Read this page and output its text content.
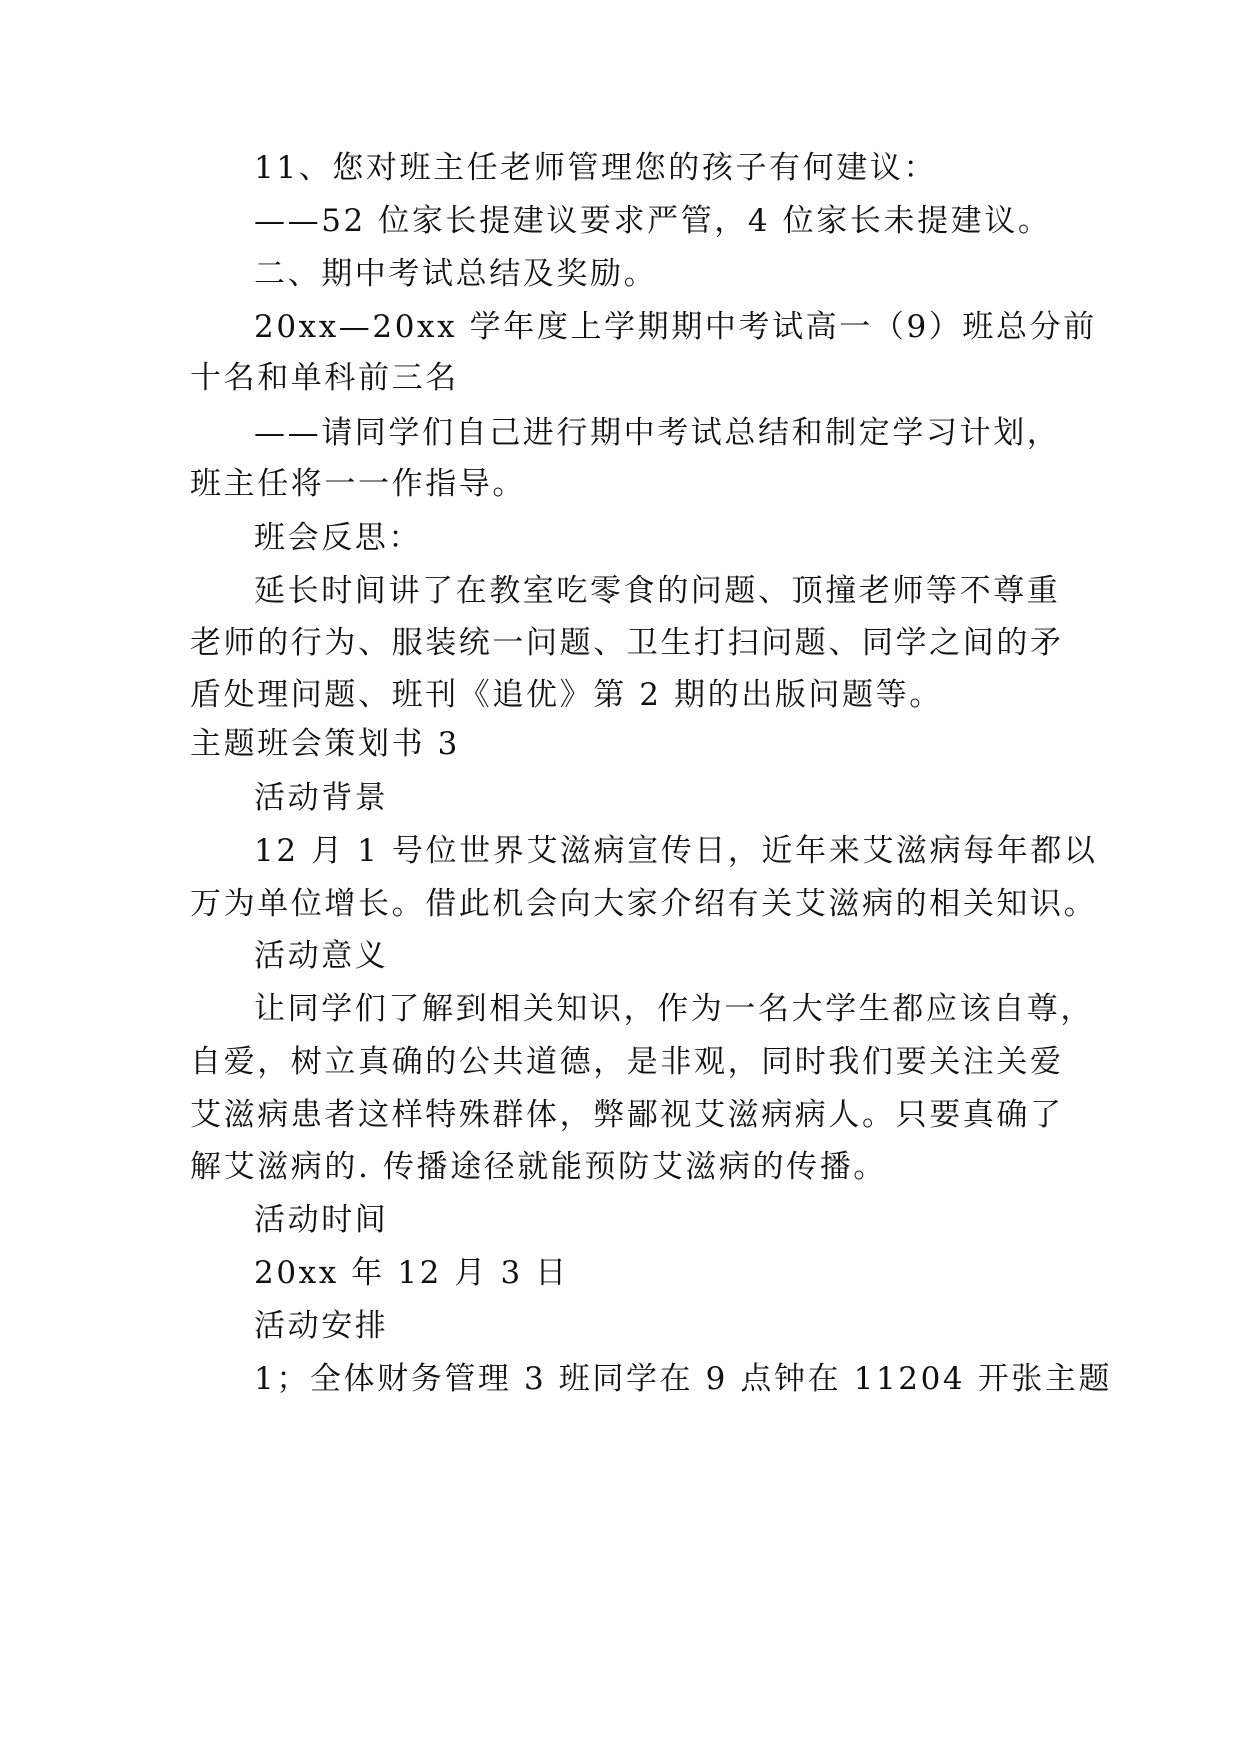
11、您对班主任老师管理您的孩子有何建议：
——52 位家长提建议要求严管，4 位家长未提建议。
二、期中考试总结及奖励。
20xx—20xx 学年度上学期期中考试高一（9）班总分前
十名和单科前三名
——请同学们自己进行期中考试总结和制定学习计划，
班主任将一一作指导。
班会反思：
延长时间讲了在教室吃零食的问题、顶撞老师等不尊重
老师的行为、服装统一问题、卫生打扫问题、同学之间的矛
盾处理问题、班刊《追优》第 2 期的出版问题等。
主题班会策划书 3
活动背景
12 月 1 号位世界艾滋病宣传日，近年来艾滋病每年都以
万为单位增长。借此机会向大家介绍有关艾滋病的相关知识。
活动意义
让同学们了解到相关知识，作为一名大学生都应该自尊，
自爱，树立真确的公共道德，是非观，同时我们要关注关爱
艾滋病患者这样特殊群体，弊鄙视艾滋病病人。只要真确了
解艾滋病的. 传播途径就能预防艾滋病的传播。
活动时间
20xx 年 12 月 3 日
活动安排
1；全体财务管理 3 班同学在 9 点钟在 11204 开张主题
